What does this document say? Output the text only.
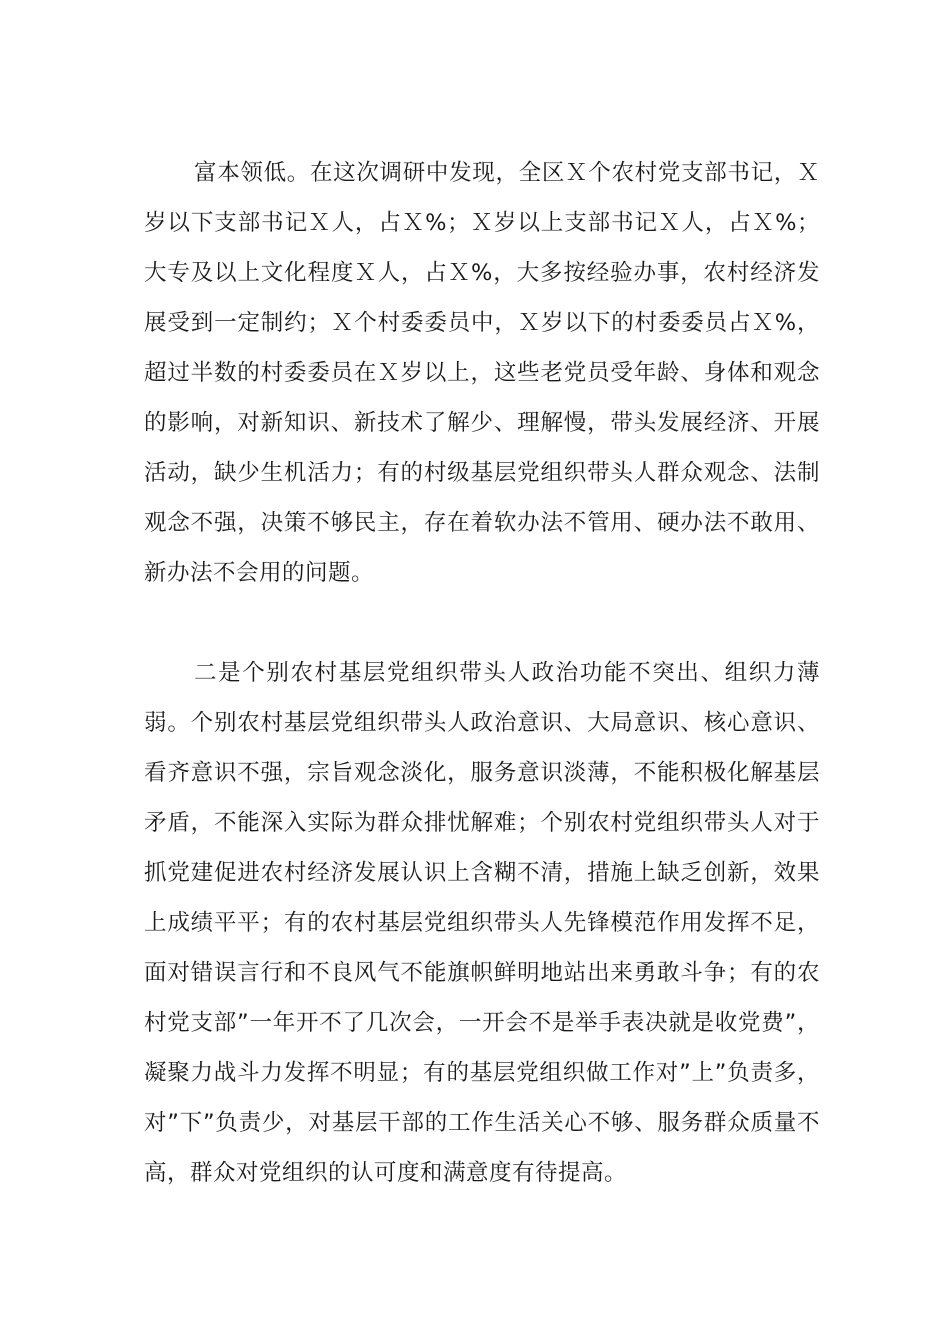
富本领低。在这次调研中发现，全区Ｘ个农村党支部书记，Ｘ岁以下支部书记Ｘ人，占Ｘ%；Ｘ岁以上支部书记Ｘ人，占Ｘ%；大专及以上文化程度Ｘ人，占Ｘ%，大多按经验办事，农村经济发展受到一定制约；Ｘ个村委委员中，Ｘ岁以下的村委委员占Ｘ%，超过半数的村委委员在Ｘ岁以上，这些老党员受年龄、身体和观念的影响，对新知识、新技术了解少、理解慢，带头发展经济、开展活动，缺少生机活力；有的村级基层党组织带头人群众观念、法制观念不强，决策不够民主，存在着软办法不管用、硬办法不敢用、新办法不会用的问题。

二是个别农村基层党组织带头人政治功能不突出、组织力薄弱。个别农村基层党组织带头人政治意识、大局意识、核心意识、看齐意识不强，宗旨观念淡化，服务意识淡薄，不能积极化解基层矛盾，不能深入实际为群众排忧解难；个别农村党组织带头人对于抓党建促进农村经济发展认识上含糊不清，措施上缺乏创新，效果上成绩平平；有的农村基层党组织带头人先锋模范作用发挥不足，面对错误言行和不良风气不能旗帜鲜明地站出来勇敢斗争；有的农村党支部”一年开不了几次会，一开会不是举手表决就是收党费”，凝聚力战斗力发挥不明显；有的基层党组织做工作对”上”负责多，对”下”负责少，对基层干部的工作生活关心不够、服务群众质量不高，群众对党组织的认可度和满意度有待提高。
